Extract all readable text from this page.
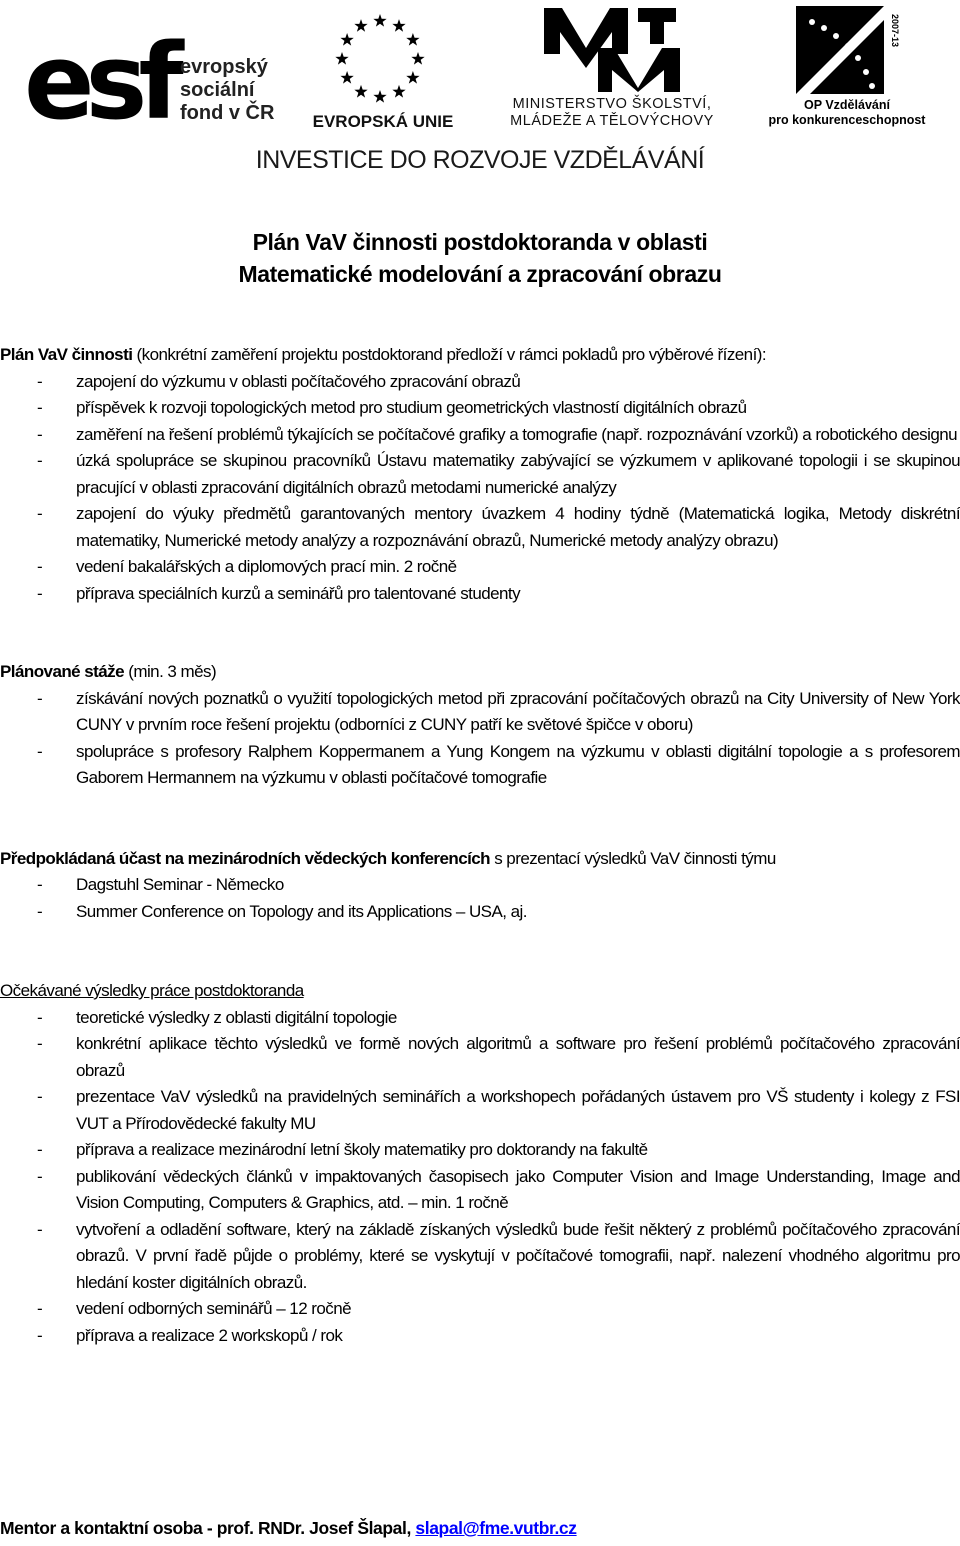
esf evropský
sociální
fond v ČR	EVROPSKÁ UNIE
MINISTERSTVO ŠKOLSTVÍ,
MLÁDEŽE A TĚLOVÝCHOVY
2007-13
OP Vzdělávání
pro konkurenceschopnost
INVESTICE DO ROZVOJE VZDĚLÁVÁNÍ
Plán VaV činnosti postdoktoranda v oblasti
Matematické modelování a zpracování obrazu
Plán VaV činnosti (konkrétní zaměření projektu postdoktorand předloží v rámci pokladů pro výběrové řízení):
- zapojení do výzkumu v oblasti počítačového zpracování obrazů
- příspěvek k rozvoji topologických metod pro studium geometrických vlastností digitálních obrazů
- zaměření na řešení problémů týkajících se počítačové grafiky a tomografie (např. rozpoznávání vzorků) a robotického designu
- úzká spolupráce se skupinou pracovníků Ústavu matematiky zabývající se výzkumem v aplikované topologii i se skupinou pracující v oblasti zpracování digitálních obrazů metodami numerické analýzy
- zapojení do výuky předmětů garantovaných mentory úvazkem 4 hodiny týdně (Matematická logika, Metody diskrétní matematiky, Numerické metody analýzy a rozpoznávání obrazů, Numerické metody analýzy obrazu)
- vedení bakalářských a diplomových prací min. 2 ročně
- příprava speciálních kurzů a seminářů pro talentované studenty
Plánované stáže (min. 3 měs)
- získávání nových poznatků o využití topologických metod při zpracování počítačových obrazů na City University of New York CUNY v prvním roce řešení projektu (odborníci z CUNY patří ke světové špičce v oboru)
- spolupráce s profesory Ralphem Koppermanem a Yung Kongem na výzkumu v oblasti digitální topologie a s profesorem Gaborem Hermannem na výzkumu v oblasti počítačové tomografie
Předpokládaná účast na mezinárodních vědeckých konferencích s prezentací výsledků VaV činnosti týmu
- Dagstuhl Seminar - Německo
- Summer Conference on Topology and its Applications – USA, aj.
Očekávané výsledky práce postdoktoranda
- teoretické výsledky z oblasti digitální topologie
- konkrétní aplikace těchto výsledků ve formě nových algoritmů a software pro řešení problémů počítačového zpracování obrazů
- prezentace VaV výsledků na pravidelných seminářích a workshopech pořádaných ústavem pro VŠ studenty i kolegy z FSI VUT a Přírodovědecké fakulty MU
- příprava a realizace mezinárodní letní školy matematiky pro doktorandy na fakultě
- publikování vědeckých článků v impaktovaných časopisech jako Computer Vision and Image Understanding, Image and Vision Computing, Computers & Graphics, atd. – min. 1 ročně
- vytvoření a odladění software, který na základě získaných výsledků bude řešit některý z problémů počítačového zpracování obrazů. V první řadě půjde o problémy, které se vyskytují v počítačové tomografii, např. nalezení vhodného algoritmu pro hledání koster digitálních obrazů.
- vedení odborných seminářů – 12 ročně
- příprava a realizace 2 workskopů / rok
Mentor a kontaktní osoba - prof. RNDr. Josef Šlapal, slapal@fme.vutbr.cz
